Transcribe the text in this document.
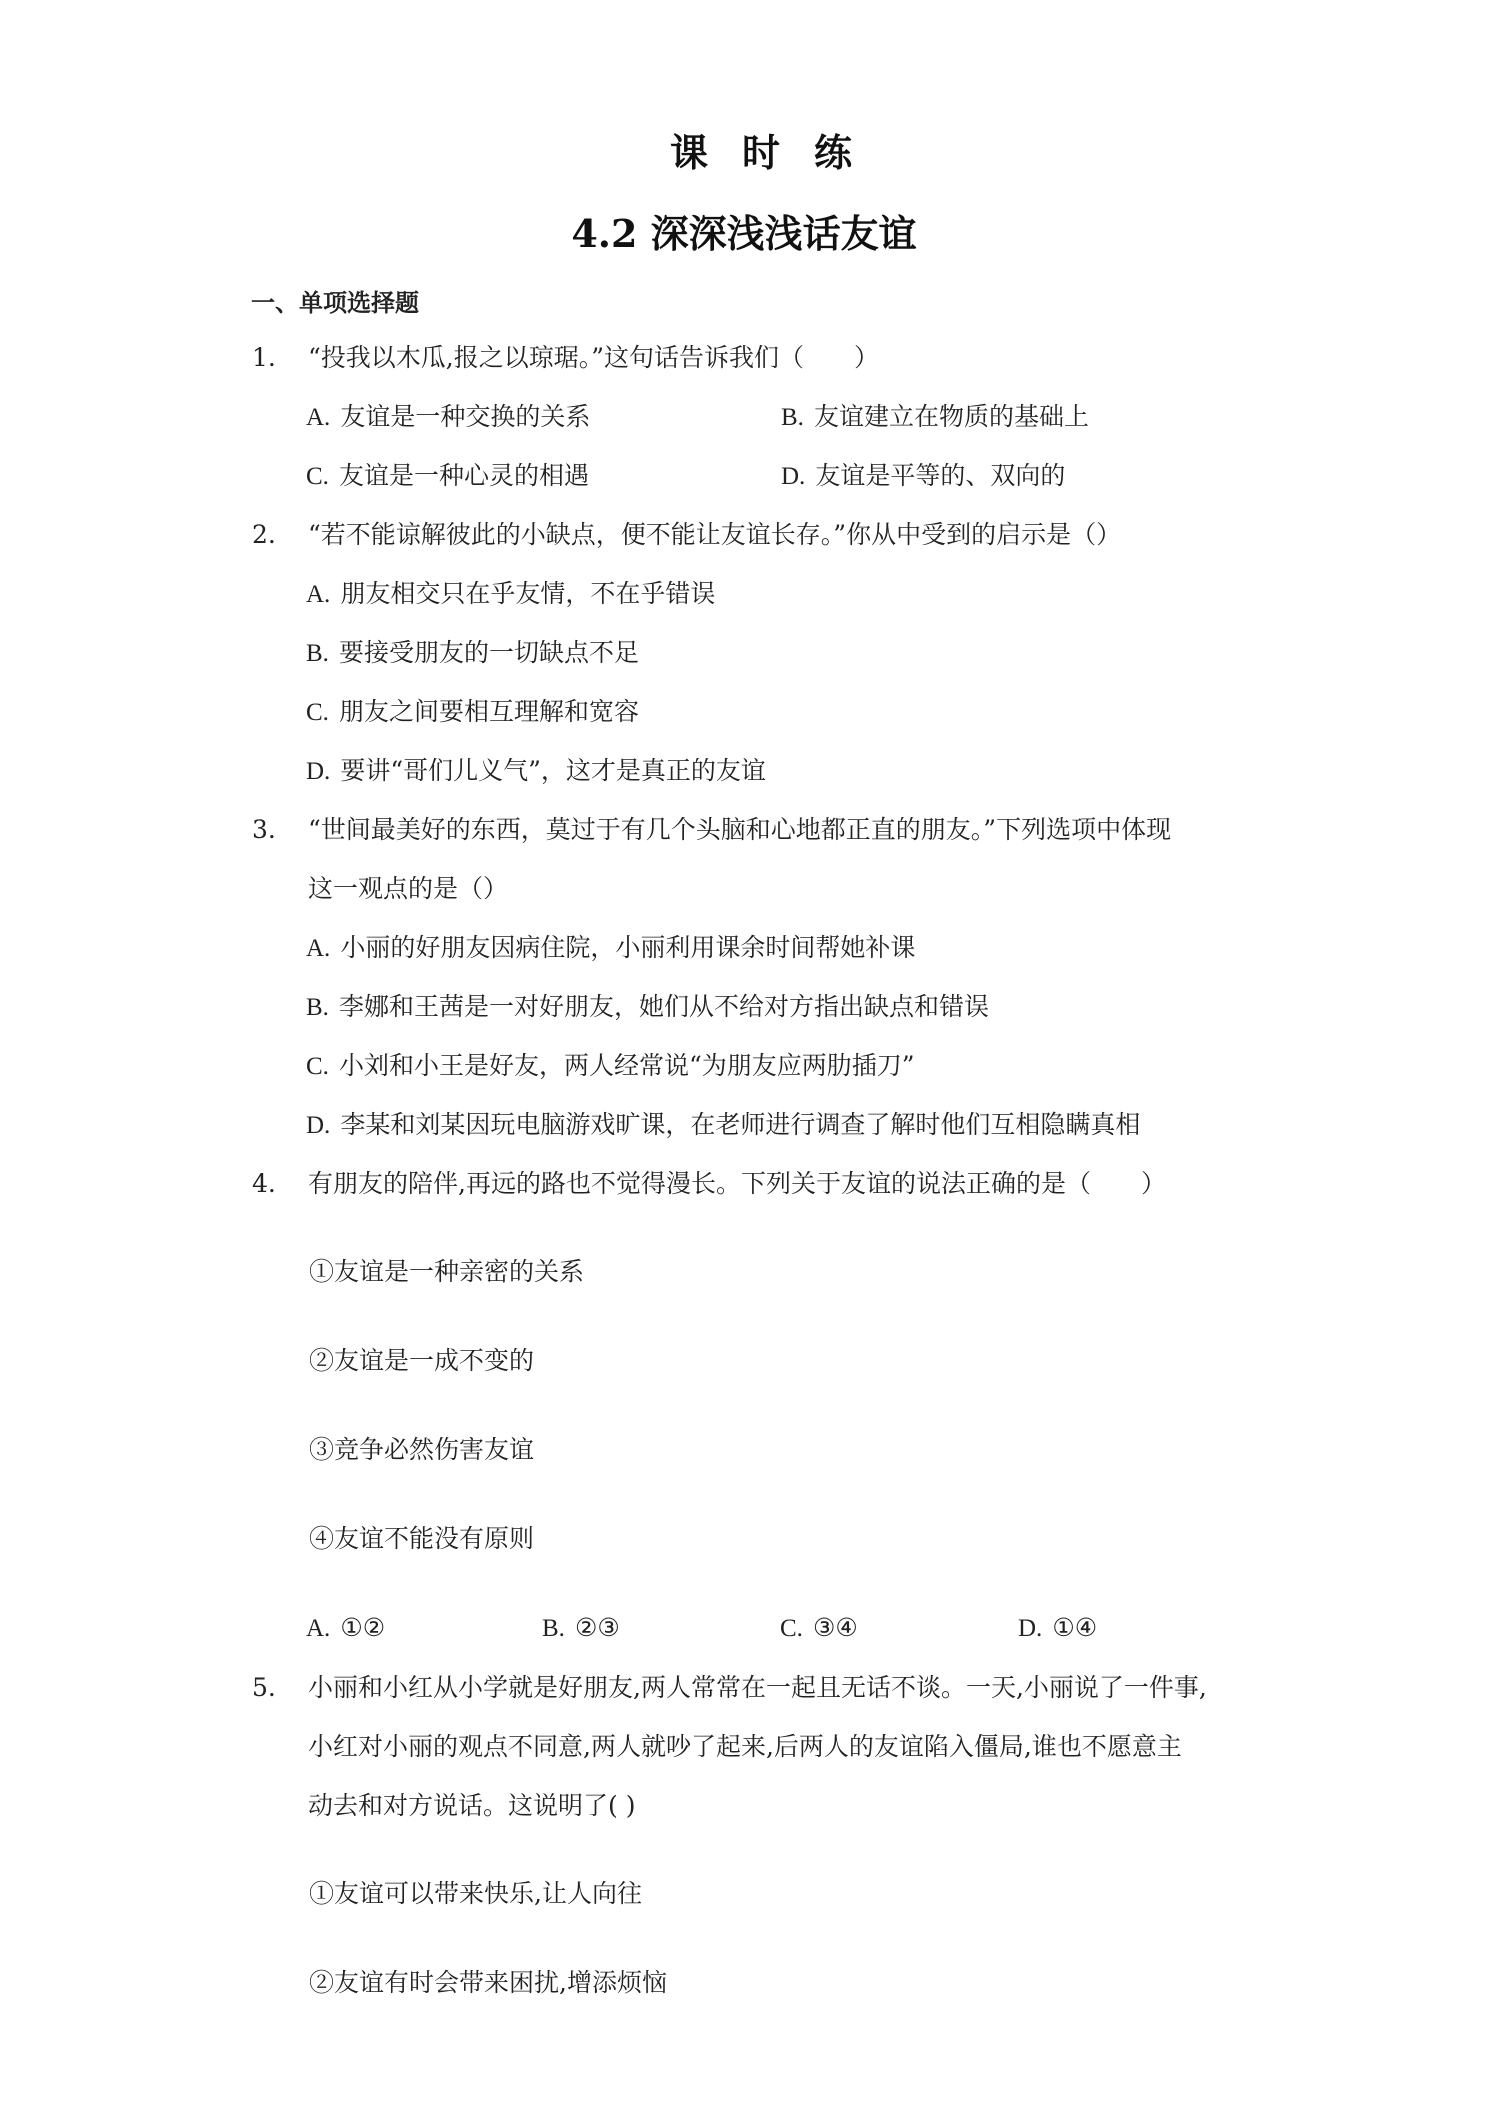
课时练
4.2 深深浅浅话友谊
一、单项选择题
1. “投我以木瓜,报之以琼琚。”这句话告诉我们（　　）
A. 友谊是一种交换的关系	B. 友谊建立在物质的基础上
C. 友谊是一种心灵的相遇	D. 友谊是平等的、双向的
2. “若不能谅解彼此的小缺点，便不能让友谊长存。”你从中受到的启示是（）
A. 朋友相交只在乎友情，不在乎错误
B. 要接受朋友的一切缺点不足
C. 朋友之间要相互理解和宽容
D. 要讲“哥们儿义气”，这才是真正的友谊
3. “世间最美好的东西，莫过于有几个头脑和心地都正直的朋友。”下列选项中体现
这一观点的是（）
A. 小丽的好朋友因病住院，小丽利用课余时间帮她补课
B. 李娜和王茜是一对好朋友，她们从不给对方指出缺点和错误
C. 小刘和小王是好友，两人经常说“为朋友应两肋插刀”
D. 李某和刘某因玩电脑游戏旷课，在老师进行调查了解时他们互相隐瞒真相
4. 有朋友的陪伴,再远的路也不觉得漫长。下列关于友谊的说法正确的是（　　）
①友谊是一种亲密的关系
②友谊是一成不变的
③竞争必然伤害友谊
④友谊不能没有原则
A. ①②	B. ②③	C. ③④	D. ①④
5. 小丽和小红从小学就是好朋友,两人常常在一起且无话不谈。一天,小丽说了一件事,
小红对小丽的观点不同意,两人就吵了起来,后两人的友谊陷入僵局,谁也不愿意主
动去和对方说话。这说明了( )
①友谊可以带来快乐,让人向往
②友谊有时会带来困扰,增添烦恼
